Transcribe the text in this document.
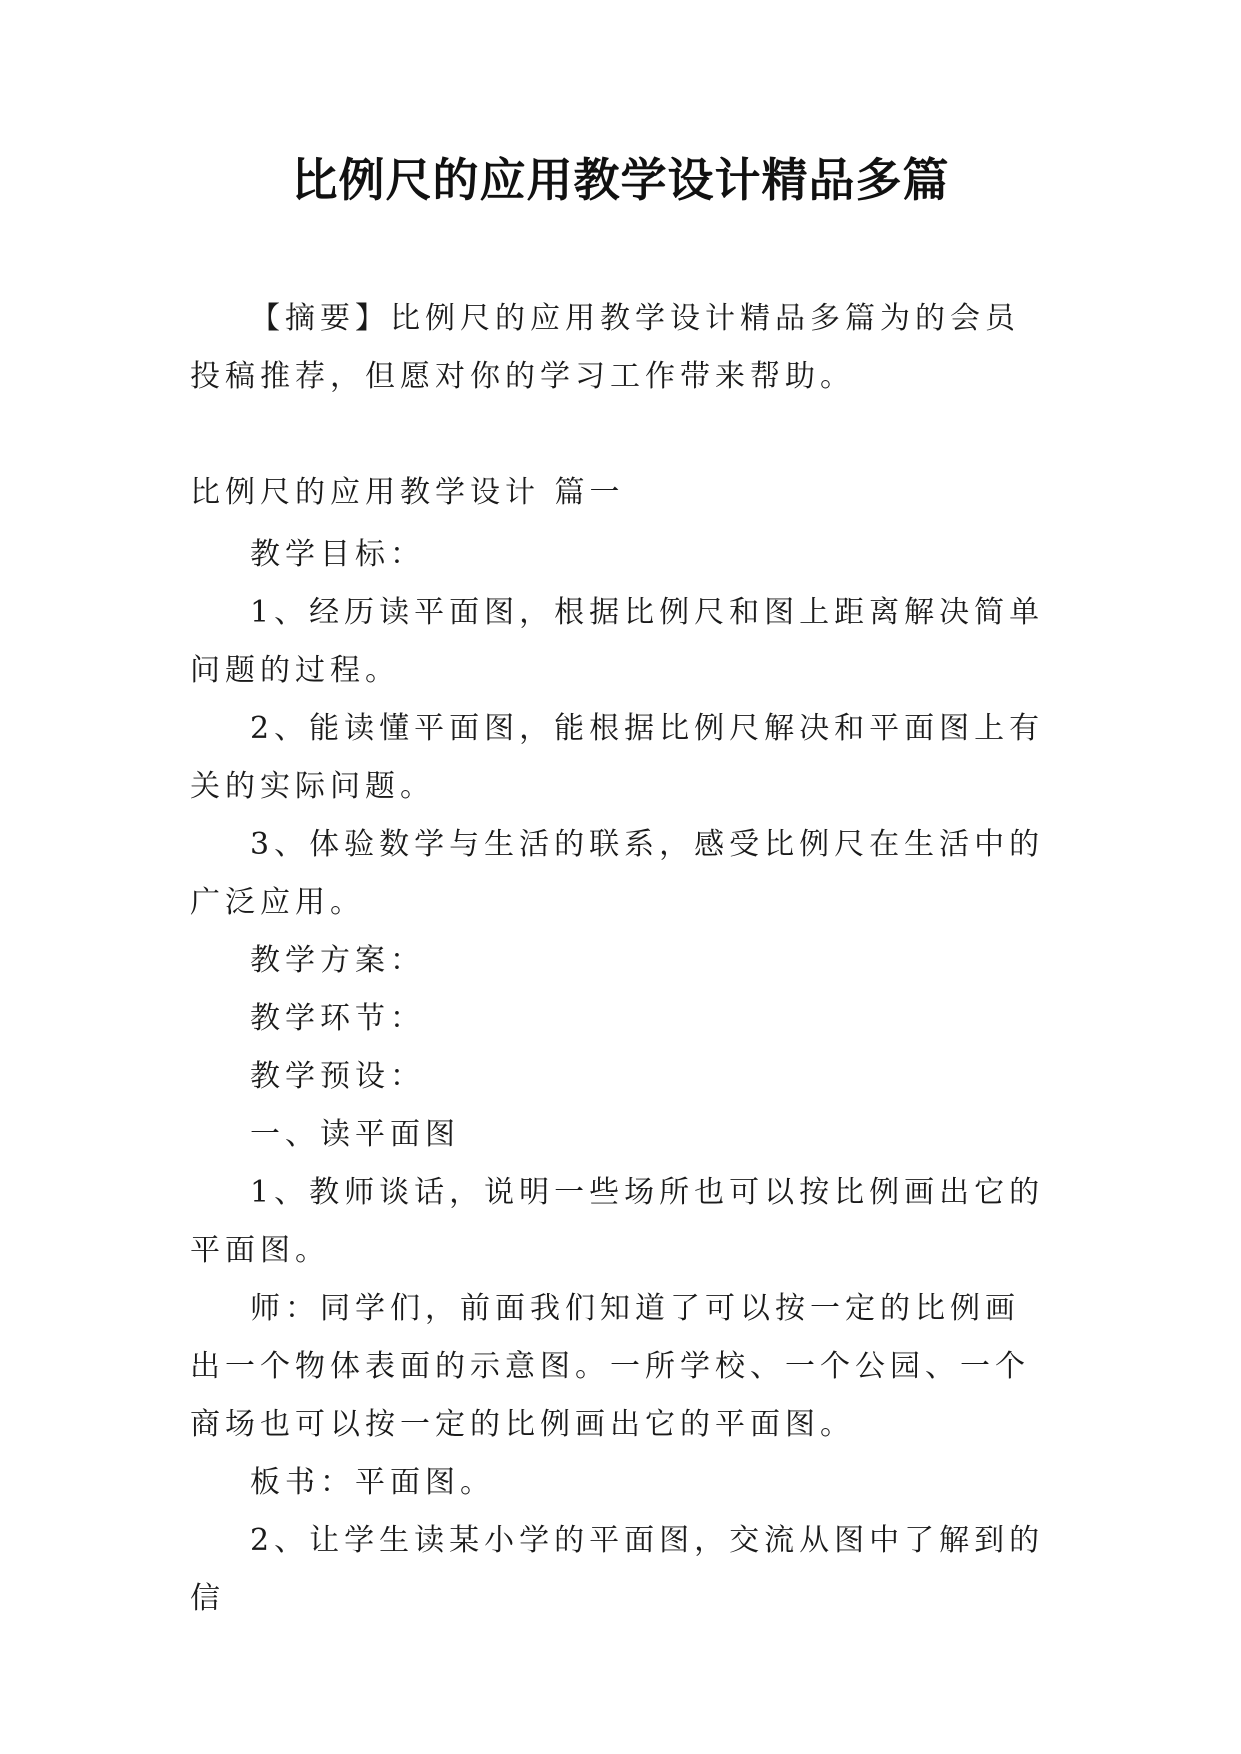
比例尺的应用教学设计精品多篇

【摘要】比例尺的应用教学设计精品多篇为的会员投稿推荐，但愿对你的学习工作带来帮助。

比例尺的应用教学设计 篇一

教学目标：

1、经历读平面图，根据比例尺和图上距离解决简单问题的过程。

2、能读懂平面图，能根据比例尺解决和平面图上有关的实际问题。

3、体验数学与生活的联系，感受比例尺在生活中的广泛应用。

教学方案：

教学环节：

教学预设：

一、读平面图

1、教师谈话，说明一些场所也可以按比例画出它的平面图。

师：同学们，前面我们知道了可以按一定的比例画出一个物体表面的示意图。一所学校、一个公园、一个商场也可以按一定的比例画出它的平面图。

板书：平面图。

2、让学生读某小学的平面图，交流从图中了解到的信
